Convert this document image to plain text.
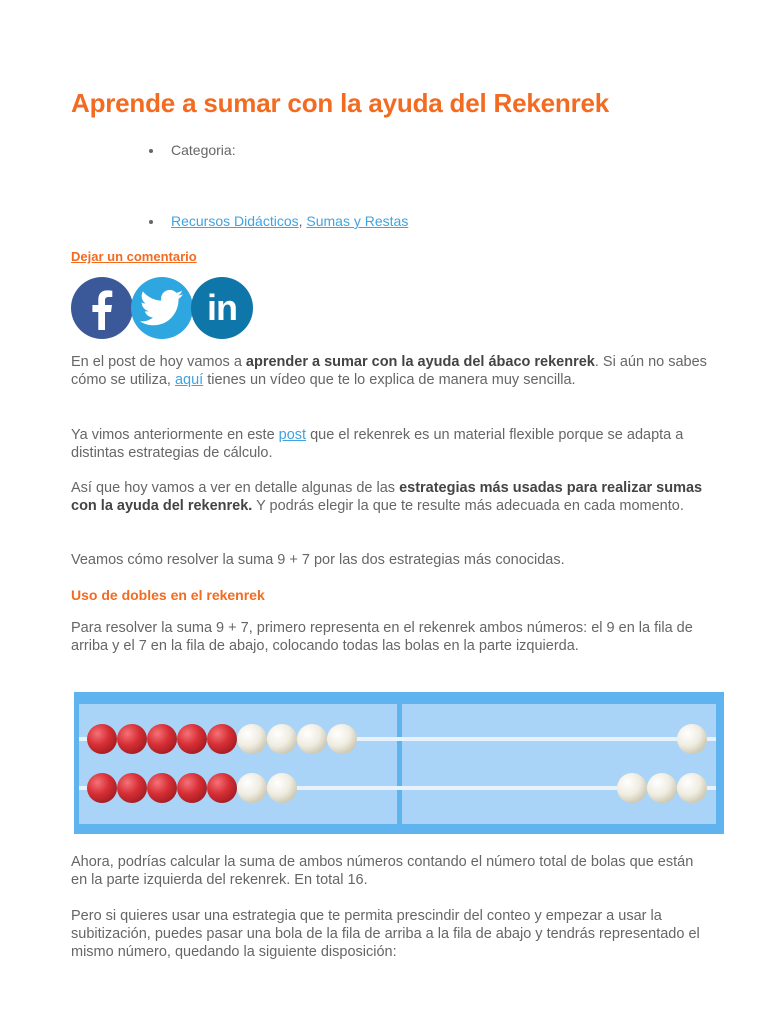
Aprende a sumar con la ayuda del Rekenrek
Categoria:
Recursos Didácticos, Sumas y Restas
Dejar un comentario
in

En el post de hoy vamos a aprender a sumar con la ayuda del ábaco rekenrek. Si aún no sabes cómo se utiliza, aquí tienes un vídeo que te lo explica de manera muy sencilla.

Ya vimos anteriormente en este post que el rekenrek es un material flexible porque se adapta a distintas estrategias de cálculo.

Así que hoy vamos a ver en detalle algunas de las estrategias más usadas para realizar sumas con la ayuda del rekenrek. Y podrás elegir la que te resulte más adecuada en cada momento.

Veamos cómo resolver la suma 9 + 7 por las dos estrategias más conocidas.

Uso de dobles en el rekenrek

Para resolver la suma 9 + 7, primero representa en el rekenrek ambos números: el 9 en la fila de arriba y el 7 en la fila de abajo, colocando todas las bolas en la parte izquierda.

Ahora, podrías calcular la suma de ambos números contando el número total de bolas que están en la parte izquierda del rekenrek. En total 16.

Pero si quieres usar una estrategia que te permita prescindir del conteo y empezar a usar la subitización, puedes pasar una bola de la fila de arriba a la fila de abajo y tendrás representado el mismo número, quedando la siguiente disposición:
